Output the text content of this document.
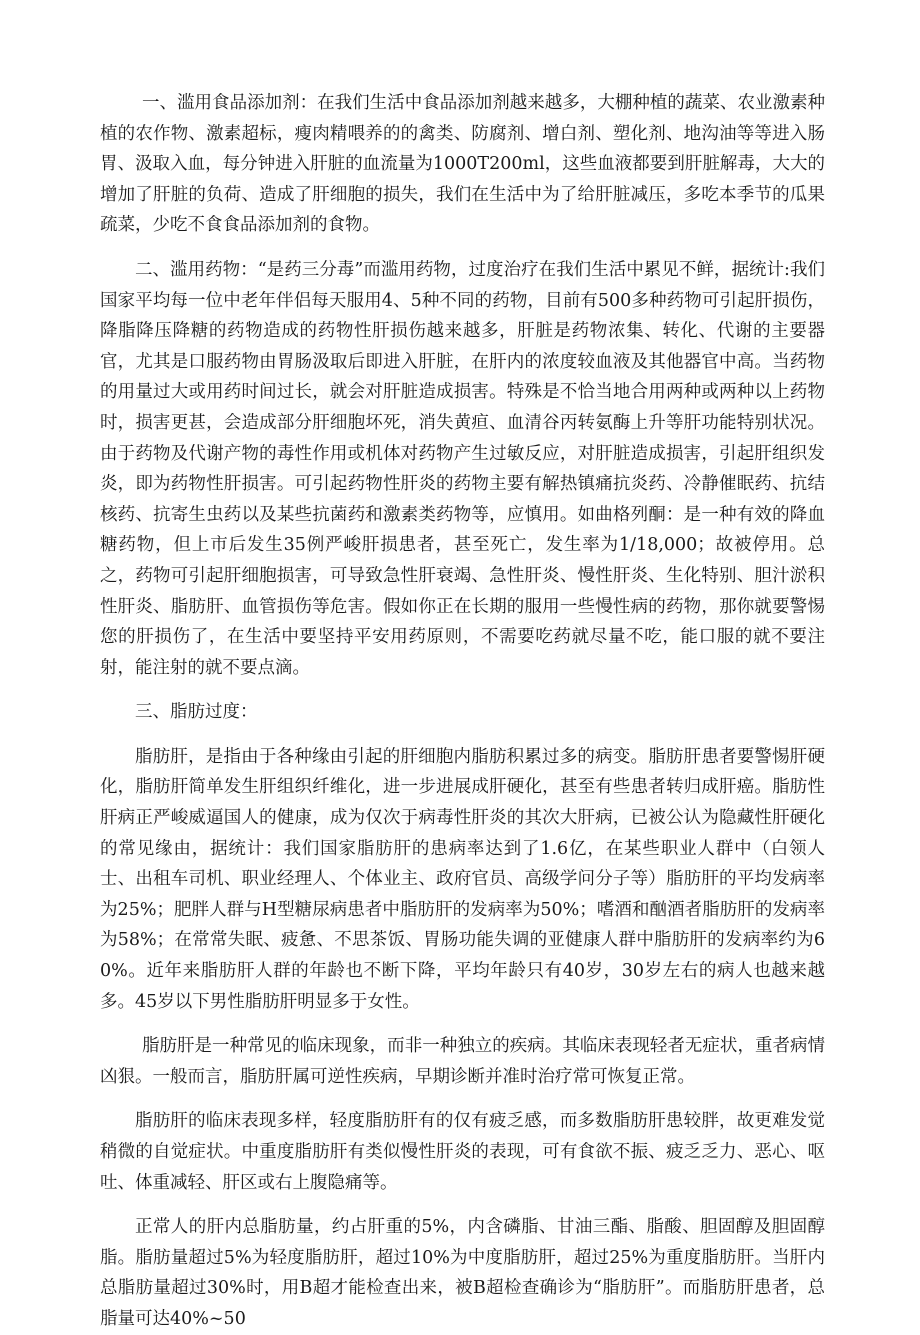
一、滥用食品添加剂：在我们生活中食品添加剂越来越多，大棚种植的蔬菜、农业激素种植的农作物、激素超标，瘦肉精喂养的的禽类、防腐剂、增白剂、塑化剂、地沟油等等进入肠胃、汲取入血，每分钟进入肝脏的血流量为1000T200ml，这些血液都要到肝脏解毒，大大的增加了肝脏的负荷、造成了肝细胞的损失，我们在生活中为了给肝脏减压，多吃本季节的瓜果疏菜，少吃不食食品添加剂的食物。

二、滥用药物：“是药三分毒”而滥用药物，过度治疗在我们生活中累见不鲜，据统计:我们国家平均每一位中老年伴侣每天服用4、5种不同的药物，目前有500多种药物可引起肝损伤，降脂降压降糖的药物造成的药物性肝损伤越来越多，肝脏是药物浓集、转化、代谢的主要器官，尤其是口服药物由胃肠汲取后即进入肝脏，在肝内的浓度较血液及其他器官中高。当药物的用量过大或用药时间过长，就会对肝脏造成损害。特殊是不恰当地合用两种或两种以上药物时，损害更甚，会造成部分肝细胞坏死，消失黄疸、血清谷丙转氨酶上升等肝功能特别状况。由于药物及代谢产物的毒性作用或机体对药物产生过敏反应，对肝脏造成损害，引起肝组织发炎，即为药物性肝损害。可引起药物性肝炎的药物主要有解热镇痛抗炎药、冷静催眠药、抗结核药、抗寄生虫药以及某些抗菌药和激素类药物等，应慎用。如曲格列酮：是一种有效的降血糖药物，但上市后发生35例严峻肝损患者，甚至死亡，发生率为1/18,000；故被停用。总之，药物可引起肝细胞损害，可导致急性肝衰竭、急性肝炎、慢性肝炎、生化特别、胆汁淤积性肝炎、脂肪肝、血管损伤等危害。假如你正在长期的服用一些慢性病的药物，那你就要警惕您的肝损伤了，在生活中要坚持平安用药原则，不需要吃药就尽量不吃，能口服的就不要注射，能注射的就不要点滴。

三、脂肪过度：

脂肪肝，是指由于各种缘由引起的肝细胞内脂肪积累过多的病变。脂肪肝患者要警惕肝硬化，脂肪肝简单发生肝组织纤维化，进一步进展成肝硬化，甚至有些患者转归成肝癌。脂肪性肝病正严峻威逼国人的健康，成为仅次于病毒性肝炎的其次大肝病，已被公认为隐藏性肝硬化的常见缘由，据统计：我们国家脂肪肝的患病率达到了1.6亿，在某些职业人群中（白领人士、出租车司机、职业经理人、个体业主、政府官员、高级学问分子等）脂肪肝的平均发病率为25%；肥胖人群与H型糖尿病患者中脂肪肝的发病率为50%；嗜酒和酗酒者脂肪肝的发病率为58%；在常常失眠、疲惫、不思茶饭、胃肠功能失调的亚健康人群中脂肪肝的发病率约为60%。近年来脂肪肝人群的年龄也不断下降，平均年龄只有40岁，30岁左右的病人也越来越多。45岁以下男性脂肪肝明显多于女性。

脂肪肝是一种常见的临床现象，而非一种独立的疾病。其临床表现轻者无症状，重者病情凶狠。一般而言，脂肪肝属可逆性疾病，早期诊断并准时治疗常可恢复正常。

脂肪肝的临床表现多样，轻度脂肪肝有的仅有疲乏感，而多数脂肪肝患较胖，故更难发觉稍微的自觉症状。中重度脂肪肝有类似慢性肝炎的表现，可有食欲不振、疲乏乏力、恶心、呕吐、体重减轻、肝区或右上腹隐痛等。

正常人的肝内总脂肪量，约占肝重的5%，内含磷脂、甘油三酯、脂酸、胆固醇及胆固醇脂。脂肪量超过5%为轻度脂肪肝，超过10%为中度脂肪肝，超过25%为重度脂肪肝。当肝内总脂肪量超过30%时，用B超才能检查出来，被B超检查确诊为“脂肪肝”。而脂肪肝患者，总脂量可达40%~50
